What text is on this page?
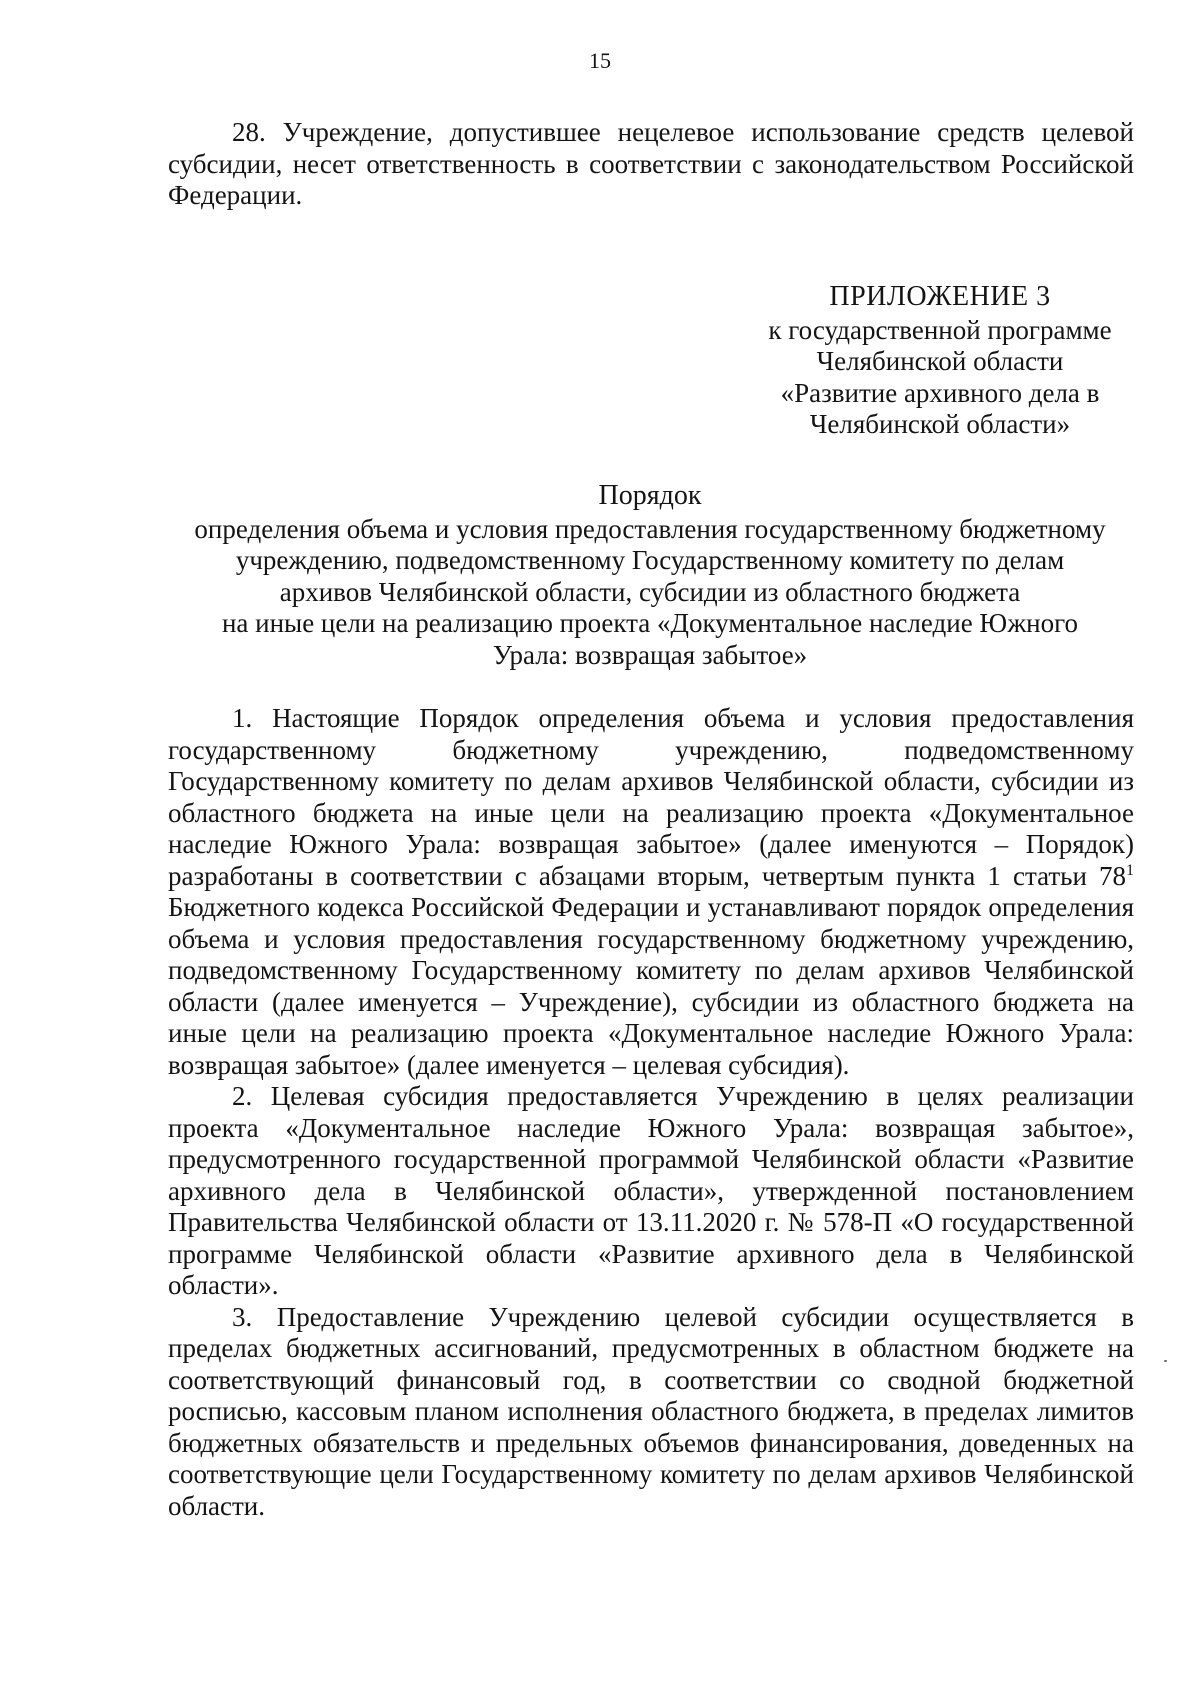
15

28. Учреждение, допустившее нецелевое использование средств целевой субсидии, несет ответственность в соответствии с законодательством Российской Федерации.

ПРИЛОЖЕНИЕ 3
к государственной программе
Челябинской области
«Развитие архивного дела в
Челябинской области»
Порядок
определения объема и условия предоставления государственному бюджетному
учреждению, подведомственному Государственному комитету по делам
архивов Челябинской области, субсидии из областного бюджета
на иные цели на реализацию проекта «Документальное наследие Южного
Урала: возвращая забытое»

1. Настоящие Порядок определения объема и условия предоставления государственному бюджетному учреждению, подведомственному Государственному комитету по делам архивов Челябинской области, субсидии из областного бюджета на иные цели на реализацию проекта «Документальное наследие Южного Урала: возвращая забытое» (далее именуются – Порядок) разработаны в соответствии с абзацами вторым, четвертым пункта 1 статьи $78^1$ Бюджетного кодекса Российской Федерации и устанавливают порядок определения объема и условия предоставления государственному бюджетному учреждению, подведомственному Государственному комитету по делам архивов Челябинской области (далее именуется – Учреждение), субсидии из областного бюджета на иные цели на реализацию проекта «Документальное наследие Южного Урала: возвращая забытое» (далее именуется – целевая субсидия).

2. Целевая субсидия предоставляется Учреждению в целях реализации проекта «Документальное наследие Южного Урала: возвращая забытое», предусмотренного государственной программой Челябинской области «Развитие архивного дела в Челябинской области», утвержденной постановлением Правительства Челябинской области от 13.11.2020 г. № 578-П «О государственной программе Челябинской области «Развитие архивного дела в Челябинской области».

3. Предоставление Учреждению целевой субсидии осуществляется в пределах бюджетных ассигнований, предусмотренных в областном бюджете на соответствующий финансовый год, в соответствии со сводной бюджетной росписью, кассовым планом исполнения областного бюджета, в пределах лимитов бюджетных обязательств и предельных объемов финансирования, доведенных на соответствующие цели Государственному комитету по делам архивов Челябинской области.
